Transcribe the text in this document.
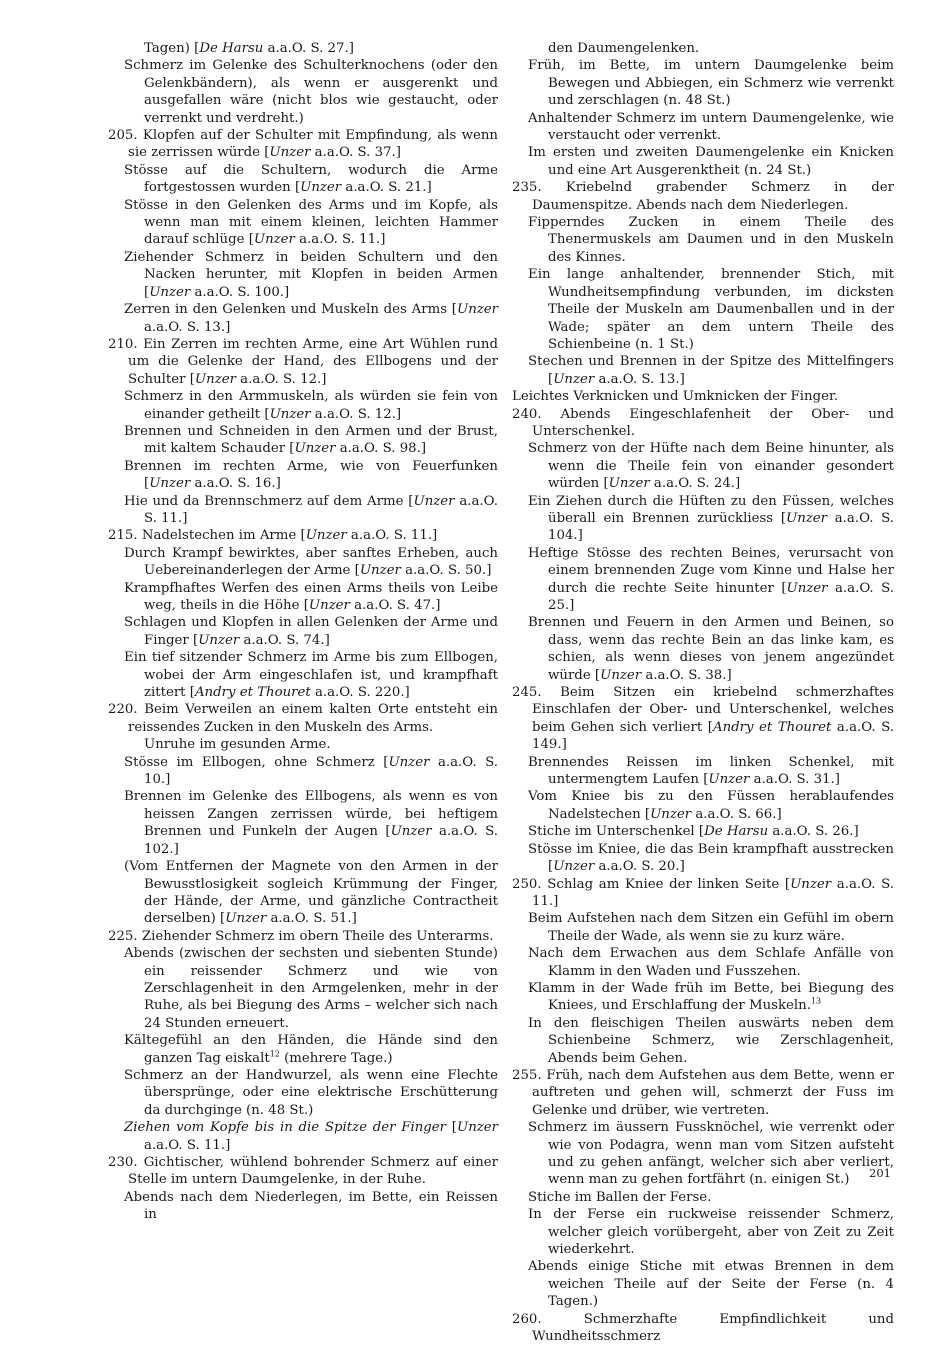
Tagen) [De Harsu a.a.O. S. 27.]

Schmerz im Gelenke des Schulterknochens (oder den Gelenkbändern), als wenn er ausgerenkt und ausgefallen wäre (nicht blos wie gestaucht, oder verrenkt und verdreht.)

205. Klopfen auf der Schulter mit Empfindung, als wenn sie zerrissen würde [Unzer a.a.O. S. 37.]

Stösse auf die Schultern, wodurch die Arme fortgestossen wurden [Unzer a.a.O. S. 21.]

Stösse in den Gelenken des Arms und im Kopfe, als wenn man mit einem kleinen, leichten Hammer darauf schlüge [Unzer a.a.O. S. 11.]

Ziehender Schmerz in beiden Schultern und den Nacken herunter, mit Klopfen in beiden Armen [Unzer a.a.O. S. 100.]

Zerren in den Gelenken und Muskeln des Arms [Unzer a.a.O. S. 13.]

210. Ein Zerren im rechten Arme, eine Art Wühlen rund um die Gelenke der Hand, des Ellbogens und der Schulter [Unzer a.a.O. S. 12.]

Schmerz in den Armmuskeln, als würden sie fein von einander getheilt [Unzer a.a.O. S. 12.]

Brennen und Schneiden in den Armen und der Brust, mit kaltem Schauder [Unzer a.a.O. S. 98.]

Brennen im rechten Arme, wie von Feuerfunken [Unzer a.a.O. S. 16.]

Hie und da Brennschmerz auf dem Arme [Unzer a.a.O. S. 11.]

215. Nadelstechen im Arme [Unzer a.a.O. S. 11.]

Durch Krampf bewirktes, aber sanftes Erheben, auch Uebereinanderlegen der Arme [Unzer a.a.O. S. 50.]

Krampfhaftes Werfen des einen Arms theils von Leibe weg, theils in die Höhe [Unzer a.a.O. S. 47.]

Schlagen und Klopfen in allen Gelenken der Arme und Finger [Unzer a.a.O. S. 74.]

Ein tief sitzender Schmerz im Arme bis zum Ellbogen, wobei der Arm eingeschlafen ist, und krampfhaft zittert [Andry et Thouret a.a.O. S. 220.]

220. Beim Verweilen an einem kalten Orte entsteht ein reissendes Zucken in den Muskeln des Arms.

Unruhe im gesunden Arme.

Stösse im Ellbogen, ohne Schmerz [Unzer a.a.O. S. 10.]

Brennen im Gelenke des Ellbogens, als wenn es von heissen Zangen zerrissen würde, bei heftigem Brennen und Funkeln der Augen [Unzer a.a.O. S. 102.]

(Vom Entfernen der Magnete von den Armen in der Bewusstlosigkeit sogleich Krümmung der Finger, der Hände, der Arme, und gänzliche Contractheit derselben) [Unzer a.a.O. S. 51.]

225. Ziehender Schmerz im obern Theile des Unterarms.

Abends (zwischen der sechsten und siebenten Stunde) ein reissender Schmerz und wie von Zerschlagenheit in den Armgelenken, mehr in der Ruhe, als bei Biegung des Arms – welcher sich nach 24 Stunden erneuert.

Kältegefühl an den Händen, die Hände sind den ganzen Tag eiskalt$^{12}$ (mehrere Tage.)

Schmerz an der Handwurzel, als wenn eine Flechte übersprünge, oder eine elektrische Erschütterung da durchginge (n. 48 St.)

Ziehen vom Kopfe bis in die Spitze der Finger [Unzer a.a.O. S. 11.]

230. Gichtischer, wühlend bohrender Schmerz auf einer Stelle im untern Daumgelenke, in der Ruhe.

Abends nach dem Niederlegen, im Bette, ein Reissen in

den Daumengelenken.

Früh, im Bette, im untern Daumgelenke beim Bewegen und Abbiegen, ein Schmerz wie verrenkt und zerschlagen (n. 48 St.)

Anhaltender Schmerz im untern Daumengelenke, wie verstaucht oder verrenkt.

Im ersten und zweiten Daumengelenke ein Knicken und eine Art Ausgerenktheit (n. 24 St.)

235. Kriebelnd grabender Schmerz in der Daumenspitze. Abends nach dem Niederlegen.

Fipperndes Zucken in einem Theile des Thenermuskels am Daumen und in den Muskeln des Kinnes.

Ein lange anhaltender, brennender Stich, mit Wundheitsempfindung verbunden, im dicksten Theile der Muskeln am Daumenballen und in der Wade; später an dem untern Theile des Schienbeine (n. 1 St.)

Stechen und Brennen in der Spitze des Mittelfingers [Unzer a.a.O. S. 13.]

Leichtes Verknicken und Umknicken der Finger.

240. Abends Eingeschlafenheit der Ober- und Unterschenkel.

Schmerz von der Hüfte nach dem Beine hinunter, als wenn die Theile fein von einander gesondert würden [Unzer a.a.O. S. 24.]

Ein Ziehen durch die Hüften zu den Füssen, welches überall ein Brennen zurückliess [Unzer a.a.O. S. 104.]

Heftige Stösse des rechten Beines, verursacht von einem brennenden Zuge vom Kinne und Halse her durch die rechte Seite hinunter [Unzer a.a.O. S. 25.]

Brennen und Feuern in den Armen und Beinen, so dass, wenn das rechte Bein an das linke kam, es schien, als wenn dieses von jenem angezündet würde [Unzer a.a.O. S. 38.]

245. Beim Sitzen ein kriebelnd schmerzhaftes Einschlafen der Ober- und Unterschenkel, welches beim Gehen sich verliert [Andry et Thouret a.a.O. S. 149.]

Brennendes Reissen im linken Schenkel, mit untermengtem Laufen [Unzer a.a.O. S. 31.]

Vom Kniee bis zu den Füssen herablaufendes Nadelstechen [Unzer a.a.O. S. 66.]

Stiche im Unterschenkel [De Harsu a.a.O. S. 26.]

Stösse im Kniee, die das Bein krampfhaft ausstrecken [Unzer a.a.O. S. 20.]

250. Schlag am Kniee der linken Seite [Unzer a.a.O. S. 11.]

Beim Aufstehen nach dem Sitzen ein Gefühl im obern Theile der Wade, als wenn sie zu kurz wäre.

Nach dem Erwachen aus dem Schlafe Anfälle von Klamm in den Waden und Fusszehen.

Klamm in der Wade früh im Bette, bei Biegung des Kniees, und Erschlaffung der Muskeln.$^{13}$

In den fleischigen Theilen auswärts neben dem Schienbeine Schmerz, wie Zerschlagenheit, Abends beim Gehen.

255. Früh, nach dem Aufstehen aus dem Bette, wenn er auftreten und gehen will, schmerzt der Fuss im Gelenke und drüber, wie vertreten.

Schmerz im äussern Fussknöchel, wie verrenkt oder wie von Podagra, wenn man vom Sitzen aufsteht und zu gehen anfängt, welcher sich aber verliert, wenn man zu gehen fortfährt (n. einigen St.)

Stiche im Ballen der Ferse.

In der Ferse ein ruckweise reissender Schmerz, welcher gleich vorübergeht, aber von Zeit zu Zeit wiederkehrt.

Abends einige Stiche mit etwas Brennen in dem weichen Theile auf der Seite der Ferse (n. 4 Tagen.)

260. Schmerzhafte Empfindlichkeit und Wundheitsschmerz

201
